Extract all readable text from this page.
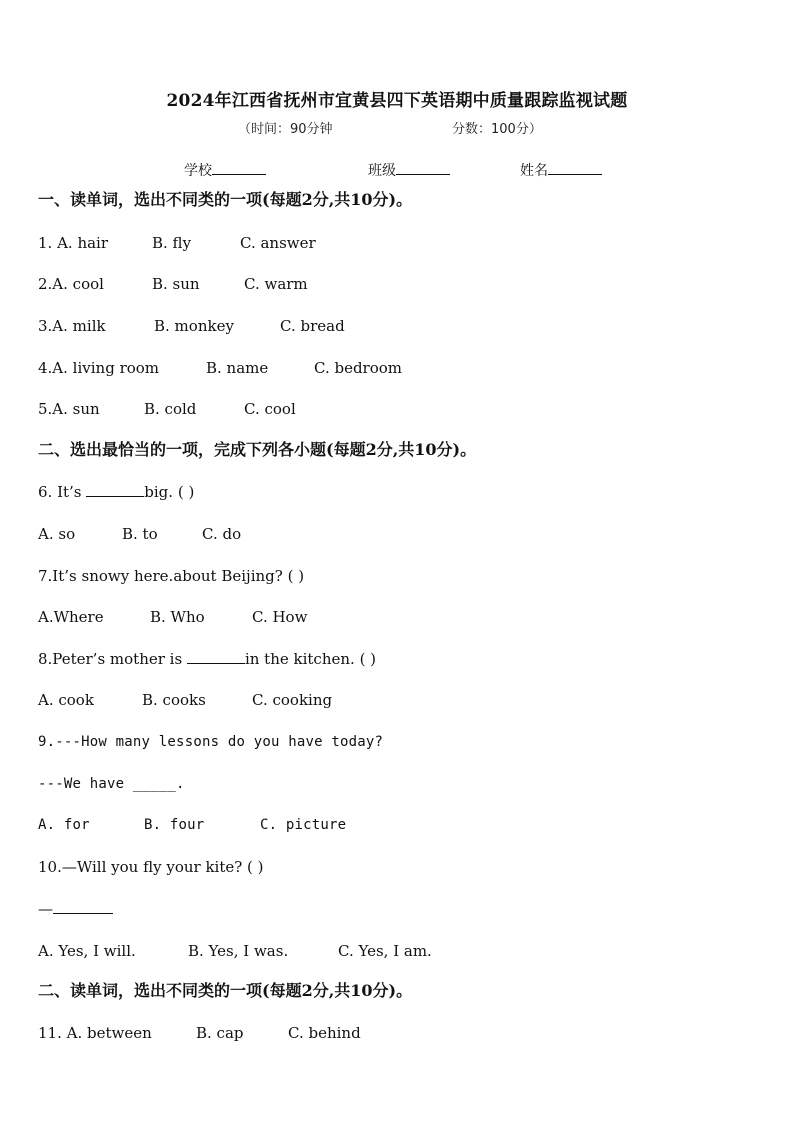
2024年江西省抚州市宜黄县四下英语期中质量跟踪监视试题
（时间：90分钟	分数：100分）
学校	班级	姓名
一、读单词，选出不同类的一项(每题2分,共10分)。
1. A. hair	B. fly	C. answer
2.A. cool	B. sun	C. warm
3.A. milk	B. monkey	C. bread
4.A. living room	B. name	C. bedroom
5.A. sun	B. cold	C. cool
二、选出最恰当的一项，完成下列各小题(每题2分,共10分)。
6. It’s	big. ( )
A. so	B. to	C. do
7.It’s snowy here.about Beijing? ( )
A.Where	B. Who	C. How
8.Peter’s mother is	in the kitchen. ( )
A. cook	B. cooks	C. cooking
9.---How many lessons do you have today?
---We have _____.
A. for	B. four	C. picture
10.—Will you fly your kite? ( )
—
A. Yes, I will.	B. Yes, I was.	C. Yes, I am.
二、读单词，选出不同类的一项(每题2分,共10分)。
11. A. between	B. cap	C. behind
